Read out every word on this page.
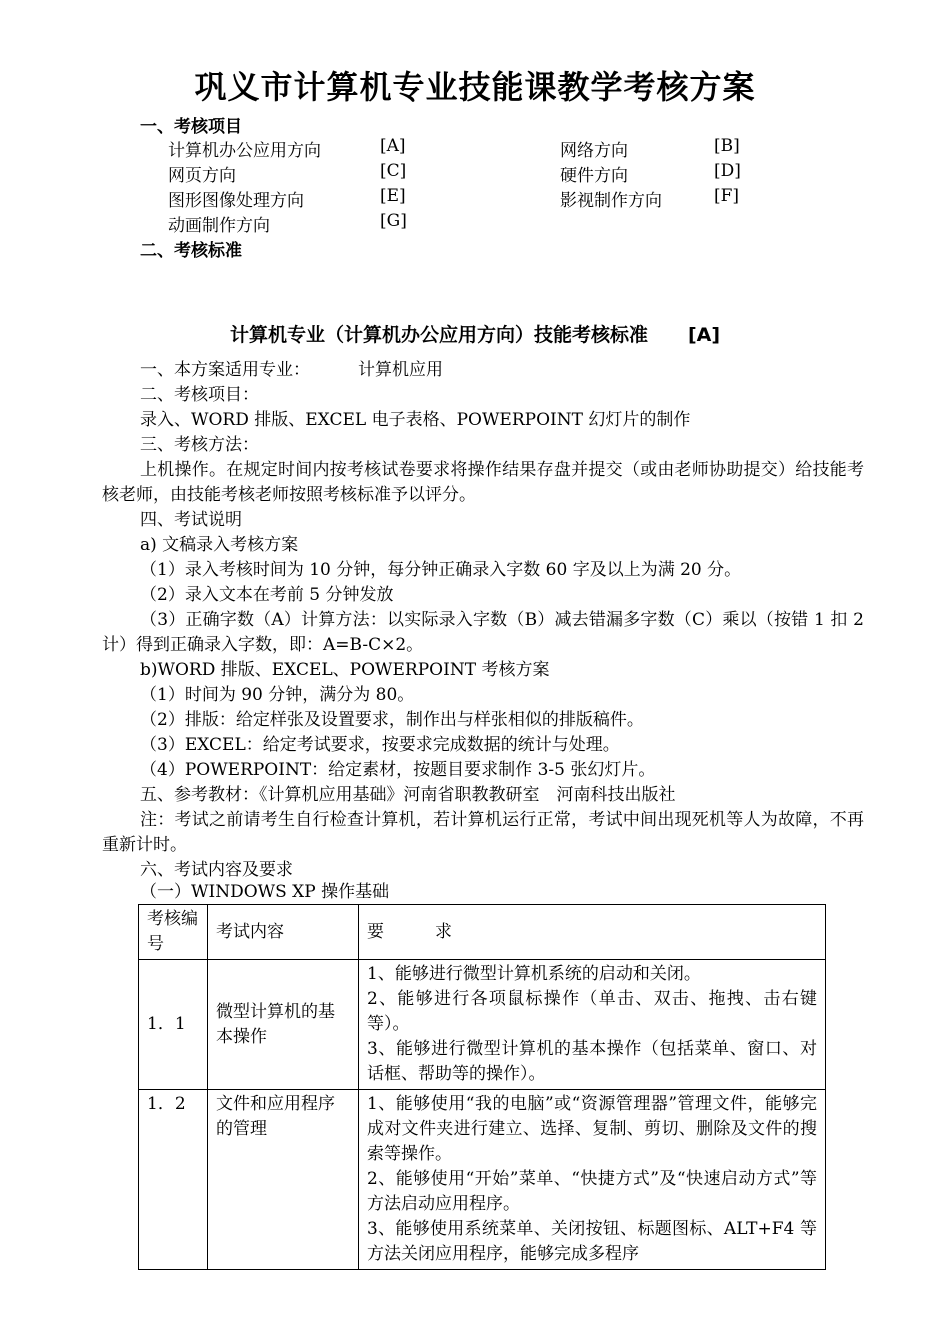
巩义市计算机专业技能课教学考核方案
一、考核项目
计算机办公应用方向	[A]	网络方向	[B]
网页方向	[C]	硬件方向	[D]
图形图像处理方向	[E]	影视制作方向	[F]
动画制作方向	[G]
二、考核标准
计算机专业（计算机办公应用方向）技能考核标准 [A]
一、本方案适用专业：	计算机应用
二、考核项目：
录入、WORD 排版、EXCEL 电子表格、POWERPOINT 幻灯片的制作
三、考核方法：
上机操作。在规定时间内按考核试卷要求将操作结果存盘并提交（或由老师协助提交）给技能考核老师，由技能考核老师按照考核标准予以评分。
四、考试说明
a) 文稿录入考核方案
（1）录入考核时间为 10 分钟，每分钟正确录入字数 60 字及以上为满 20 分。
（2）录入文本在考前 5 分钟发放
（3）正确字数（A）计算方法：以实际录入字数（B）减去错漏多字数（C）乘以（按错 1 扣 2 计）得到正确录入字数，即：A=B-C×2。
b)WORD 排版、EXCEL、POWERPOINT 考核方案
（1）时间为 90 分钟，满分为 80。
（2）排版：给定样张及设置要求，制作出与样张相似的排版稿件。
（3）EXCEL：给定考试要求，按要求完成数据的统计与处理。
（4）POWERPOINT：给定素材，按题目要求制作 3-5 张幻灯片。
五、参考教材：《计算机应用基础》河南省职教教研室　河南科技出版社
注：考试之前请考生自行检查计算机，若计算机运行正常，考试中间出现死机等人为故障，不再重新计时。
六、考试内容及要求
（一）WINDOWS XP 操作基础
考核编号	考试内容	要　　　求
1．1	微型计算机的基本操作	1、能够进行微型计算机系统的启动和关闭。
2、能够进行各项鼠标操作（单击、双击、拖拽、击右键等）。
3、能够进行微型计算机的基本操作（包括菜单、窗口、对话框、帮助等的操作）。

1．2	文件和应用程序的管理	1、能够使用“我的电脑”或“资源管理器”管理文件，能够完成对文件夹进行建立、选择、复制、剪切、删除及文件的搜索等操作。
2、能够使用“开始”菜单、“快捷方式”及“快速启动方式”等方法启动应用程序。
3、能够使用系统菜单、关闭按钮、标题图标、ALT+F4 等方法关闭应用程序，能够完成多程序
